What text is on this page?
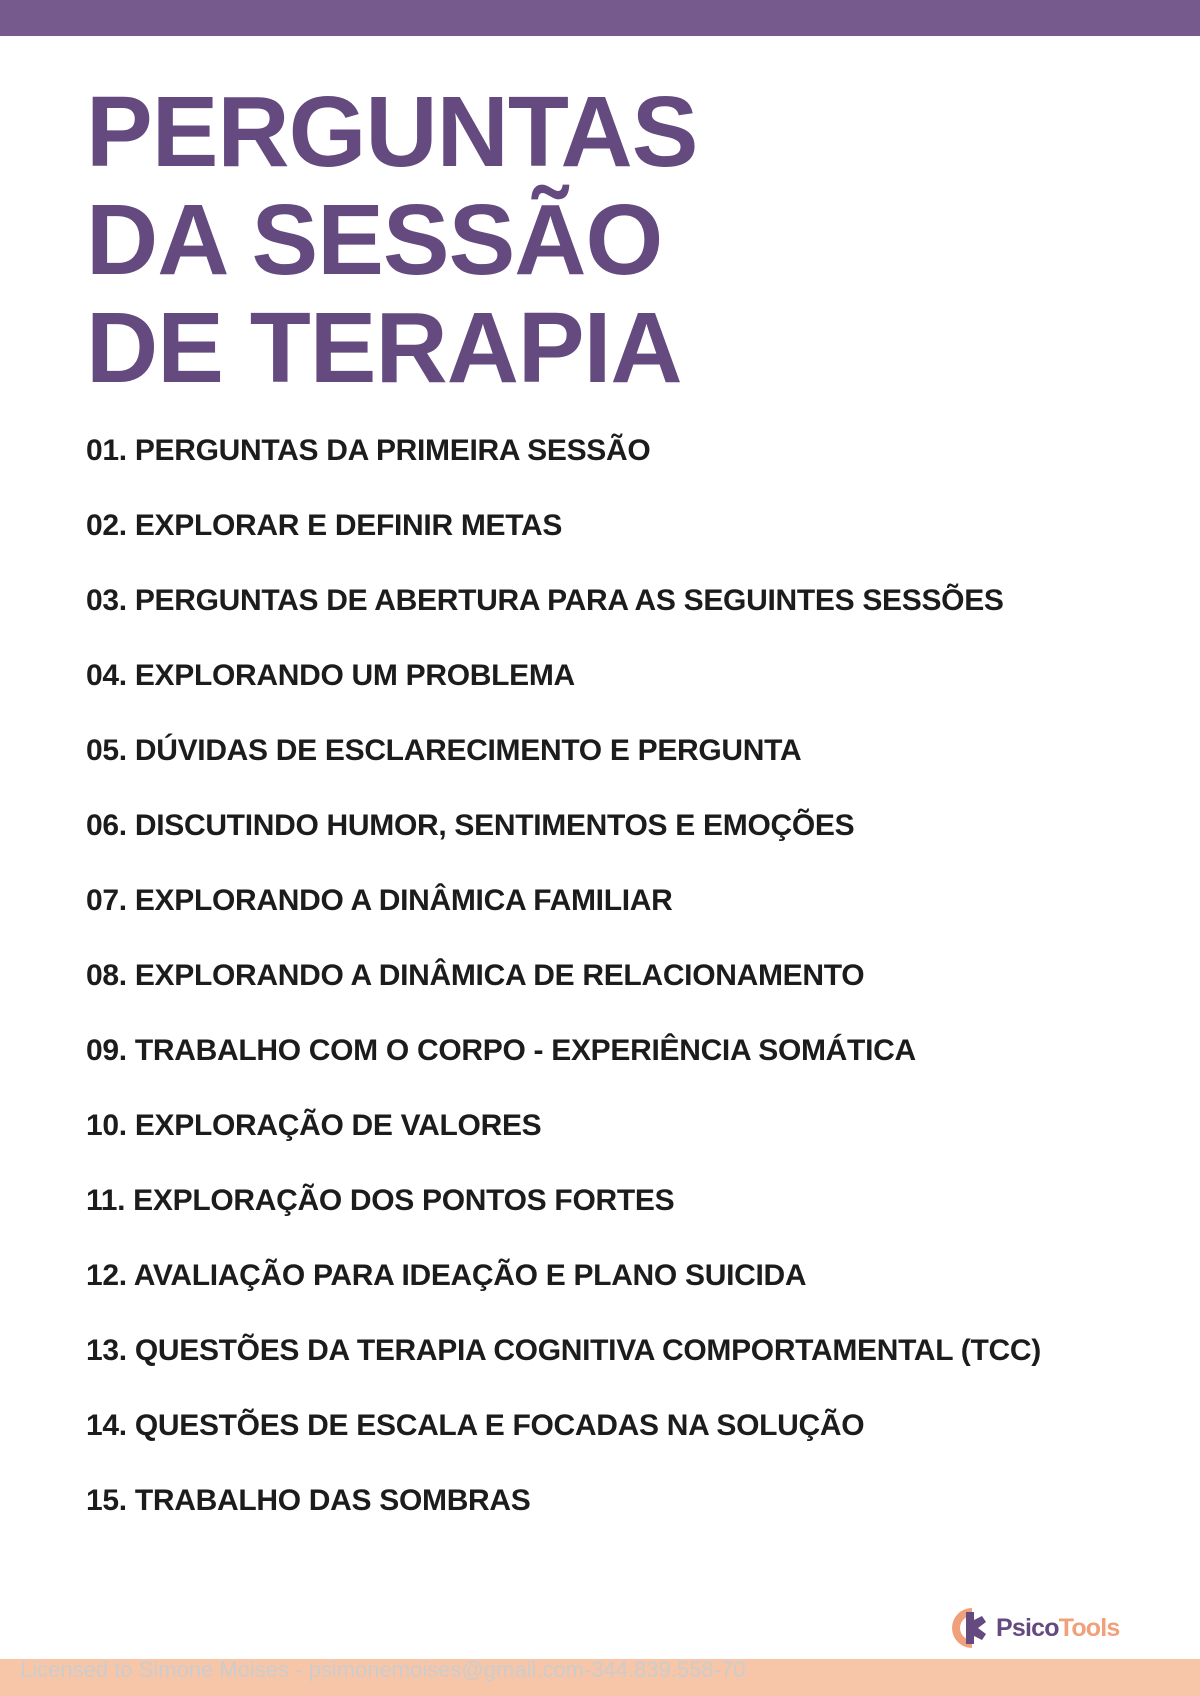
PERGUNTAS
DA SESSÃO
DE TERAPIA
01. PERGUNTAS DA PRIMEIRA SESSÃO
02. EXPLORAR E DEFINIR METAS
03. PERGUNTAS DE ABERTURA PARA AS SEGUINTES SESSÕES
04. EXPLORANDO UM PROBLEMA
05. DÚVIDAS DE ESCLARECIMENTO E PERGUNTA
06. DISCUTINDO HUMOR, SENTIMENTOS E EMOÇÕES
07. EXPLORANDO A DINÂMICA FAMILIAR
08. EXPLORANDO A DINÂMICA DE RELACIONAMENTO
09. TRABALHO COM O CORPO - EXPERIÊNCIA SOMÁTICA
10. EXPLORAÇÃO DE VALORES
11. EXPLORAÇÃO DOS PONTOS FORTES
12. AVALIAÇÃO PARA IDEAÇÃO E PLANO SUICIDA
13. QUESTÕES DA TERAPIA COGNITIVA COMPORTAMENTAL (TCC)
14. QUESTÕES DE ESCALA E FOCADAS NA SOLUÇÃO
15. TRABALHO DAS SOMBRAS
PsicoTools
Licensed to Simone Moises - psimonemoises@gmail.com-344.839.558-70
